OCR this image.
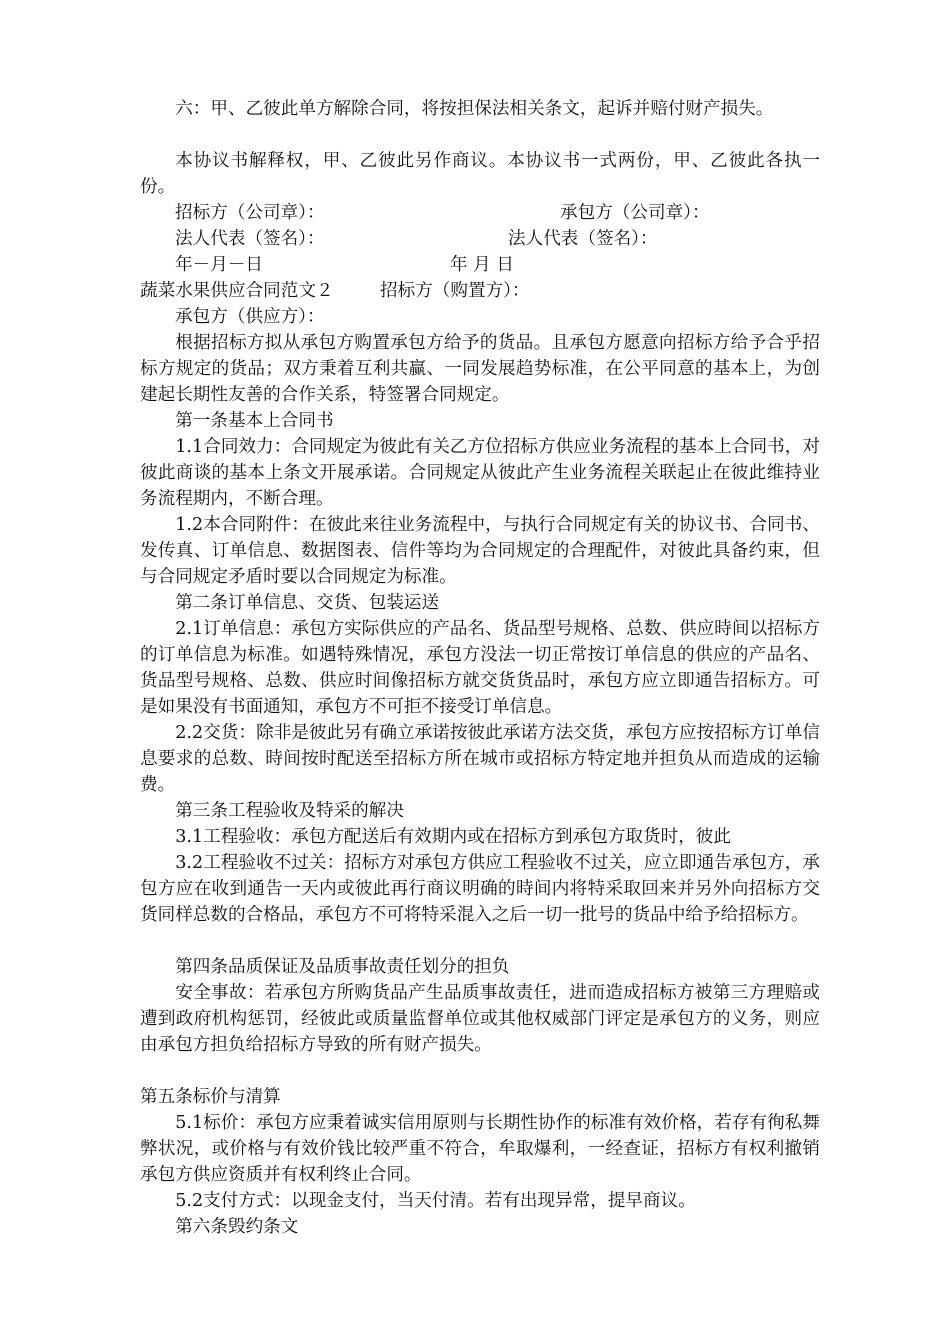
六：甲、乙彼此单方解除合同，将按担保法相关条文，起诉并赔付财产损失。
本协议书解释权，甲、乙彼此另作商议。本协议书一式两份，甲、乙彼此各执一份。
招标方（公司章）：	承包方（公司章）：
法人代表（签名）：	法人代表（签名）：
年－月－日	年 月 日
蔬菜水果供应合同范文２	招标方（购置方）：
承包方（供应方）：
根据招标方拟从承包方购置承包方给予的货品。且承包方愿意向招标方给予合乎招标方规定的货品；双方秉着互利共赢、一同发展趋势标准，在公平同意的基本上，为创建起长期性友善的合作关系，特签署合同规定。
第一条基本上合同书
1.1合同效力：合同规定为彼此有关乙方位招标方供应业务流程的基本上合同书，对彼此商谈的基本上条文开展承诺。合同规定从彼此产生业务流程关联起止在彼此维持业务流程期内，不断合理。
1.2本合同附件：在彼此来往业务流程中，与执行合同规定有关的协议书、合同书、发传真、订单信息、数据图表、信件等均为合同规定的合理配件，对彼此具备约束，但与合同规定矛盾时要以合同规定为标准。
第二条订单信息、交货、包装运送
2.1订单信息：承包方实际供应的产品名、货品型号规格、总数、供应時间以招标方的订单信息为标准。如遇特殊情况，承包方没法一切正常按订单信息的供应的产品名、货品型号规格、总数、供应时间像招标方就交货货品时，承包方应立即通告招标方。可是如果没有书面通知，承包方不可拒不接受订单信息。
2.2交货：除非是彼此另有确立承诺按彼此承诺方法交货，承包方应按招标方订单信息要求的总数、時间按时配送至招标方所在城市或招标方特定地并担负从而造成的运输费。
第三条工程验收及特采的解决
3.1工程验收：承包方配送后有效期内或在招标方到承包方取货时，彼此
3.2工程验收不过关：招标方对承包方供应工程验收不过关，应立即通告承包方，承包方应在收到通告一天内或彼此再行商议明确的時间内将特采取回来并另外向招标方交货同样总数的合格品，承包方不可将特采混入之后一切一批号的货品中给予给招标方。
第四条品质保证及品质事故责任划分的担负
安全事故：若承包方所购货品产生品质事故责任，进而造成招标方被第三方理赔或遭到政府机构惩罚，经彼此或质量监督单位或其他权威部门评定是承包方的义务，则应由承包方担负给招标方导致的所有财产损失。
第五条标价与清算
5.1标价：承包方应秉着诚实信用原则与长期性协作的标准有效价格，若存有徇私舞弊状况，或价格与有效价钱比较严重不符合，牟取爆利，一经查证，招标方有权利撤销承包方供应资质并有权利终止合同。
5.2支付方式：以现金支付，当天付清。若有出现异常，提早商议。
第六条毁约条文
